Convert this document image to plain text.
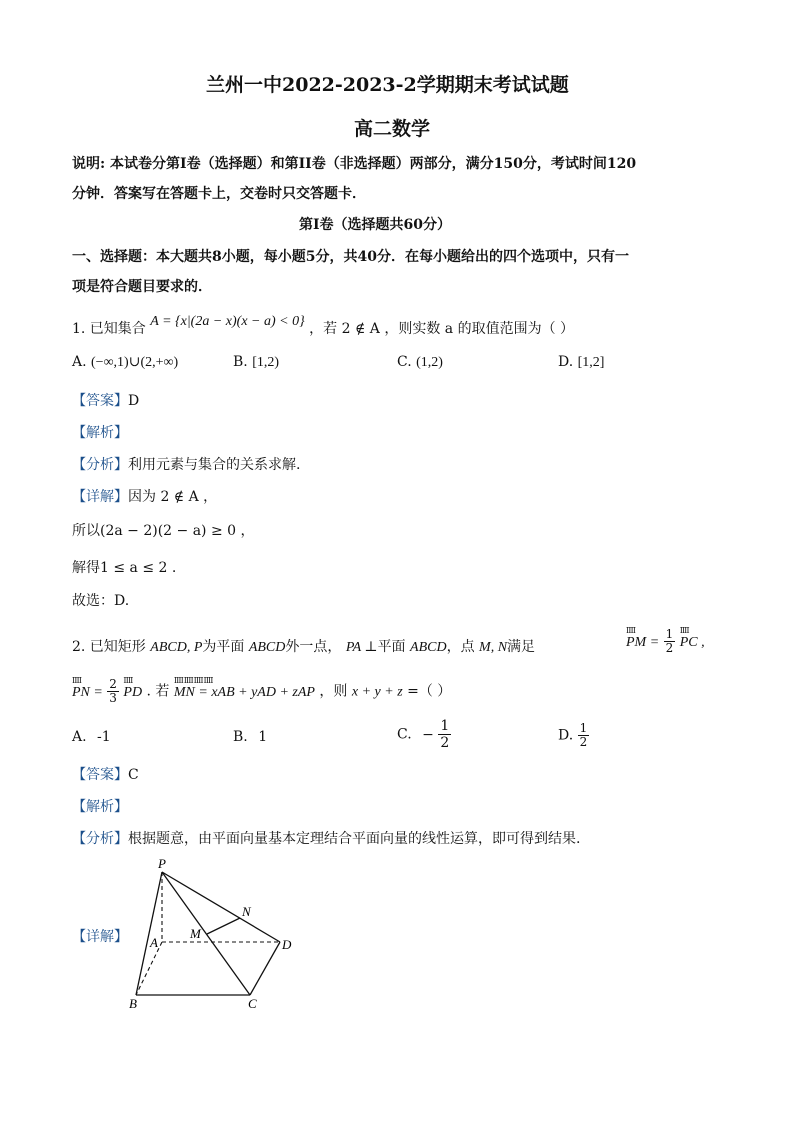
兰州一中2022-2023-2学期期末考试试题
高二数学
说明: 本试卷分第Ⅰ卷（选择题）和第ⅠⅠ卷（非选择题）两部分，满分150分，考试时间120
分钟．答案写在答题卡上，交卷时只交答题卡．
第Ⅰ卷（选择题共60分）
一、选择题：本大题共8小题，每小题5分，共40分．在每小题给出的四个选项中，只有一
项是符合题目要求的．
1. 已知集合 A = {x|(2a − x)(x − a) < 0} ，若 2 ∉ A ，则实数 a 的取值范围为（ ）
A. (−∞,1)∪(2,+∞)	B. [1,2)	C. (1,2)	D. [1,2]
【答案】D
【解析】
【分析】利用元素与集合的关系求解.
【详解】因为 2 ∉ A ，
所以(2a − 2)(2 − a) ≥ 0 ，
解得1 ≤ a ≤ 2 .
故选：D.
2. 已知矩形 ABCD, P为平面 ABCD外一点， PA ⊥平面 ABCD，点 M, N满足
ⅡⅡ
PM = $\frac{1}{2}$
ⅡⅡ
PC ,
ⅡⅡ
PN = $\frac{2}{3}$
ⅡⅡ
PD . 若
ⅡⅡ ⅡⅡ ⅡⅡ ⅡⅡ
MN = xAB + yAD + zAP ，则 x + y + z =（ ）
A. -1	B. 1	C. − $\frac{1}{2}$	D. $\frac{1}{2}$
【答案】C
【解析】
【分析】根据题意，由平面向量基本定理结合平面向量的线性运算，即可得到结果.
【详解】
P
N
M
A	D
B	C
